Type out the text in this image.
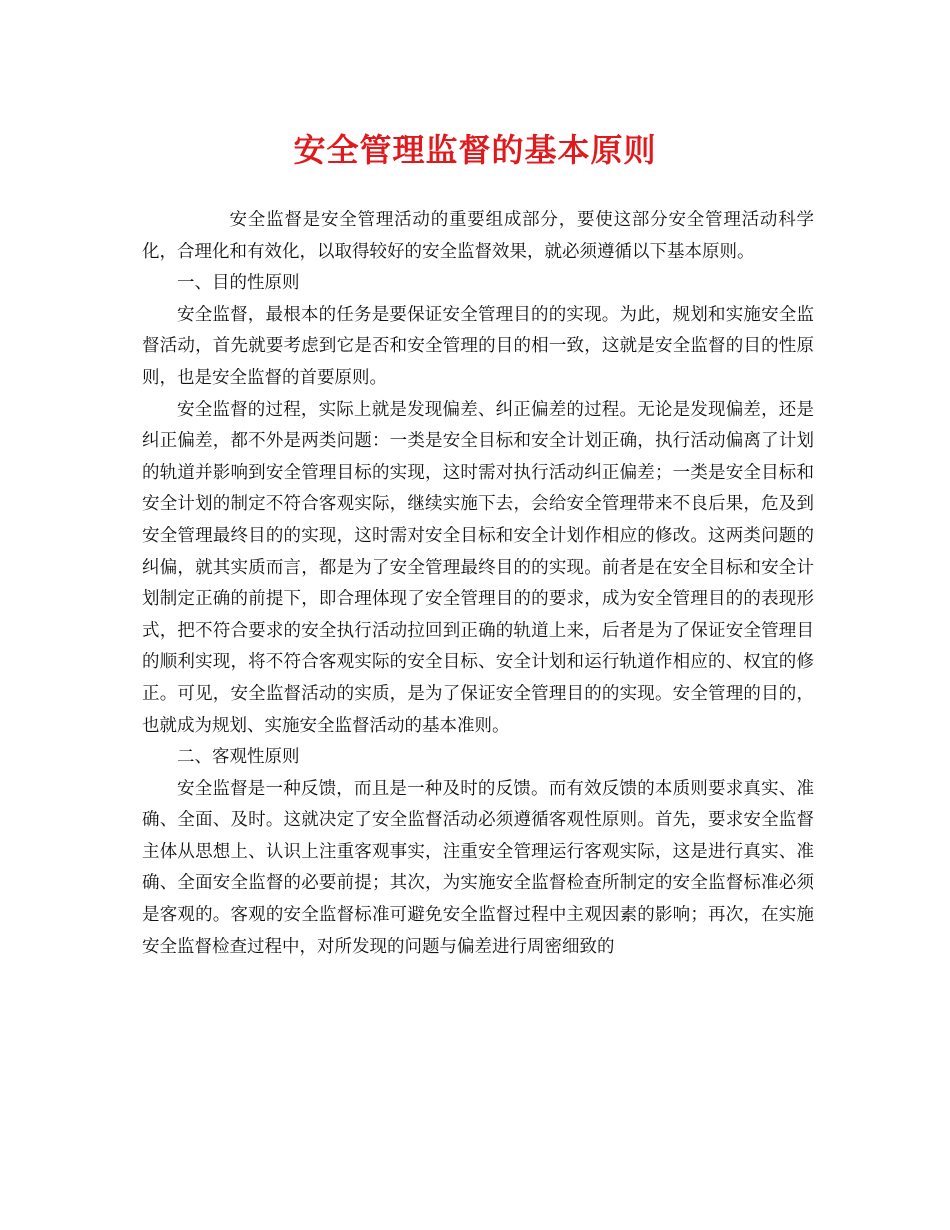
安全管理监督的基本原则

安全监督是安全管理活动的重要组成部分，要使这部分安全管理活动科学化，合理化和有效化，以取得较好的安全监督效果，就必须遵循以下基本原则。

一、目的性原则

安全监督，最根本的任务是要保证安全管理目的的实现。为此，规划和实施安全监督活动，首先就要考虑到它是否和安全管理的目的相一致，这就是安全监督的目的性原则，也是安全监督的首要原则。

安全监督的过程，实际上就是发现偏差、纠正偏差的过程。无论是发现偏差，还是纠正偏差，都不外是两类问题：一类是安全目标和安全计划正确，执行活动偏离了计划的轨道并影响到安全管理目标的实现，这时需对执行活动纠正偏差；一类是安全目标和安全计划的制定不符合客观实际，继续实施下去，会给安全管理带来不良后果，危及到安全管理最终目的的实现，这时需对安全目标和安全计划作相应的修改。这两类问题的纠偏，就其实质而言，都是为了安全管理最终目的的实现。前者是在安全目标和安全计划制定正确的前提下，即合理体现了安全管理目的的要求，成为安全管理目的的表现形式，把不符合要求的安全执行活动拉回到正确的轨道上来，后者是为了保证安全管理目的顺利实现，将不符合客观实际的安全目标、安全计划和运行轨道作相应的、权宜的修正。可见，安全监督活动的实质，是为了保证安全管理目的的实现。安全管理的目的，也就成为规划、实施安全监督活动的基本准则。

二、客观性原则

安全监督是一种反馈，而且是一种及时的反馈。而有效反馈的本质则要求真实、准确、全面、及时。这就决定了安全监督活动必须遵循客观性原则。首先，要求安全监督主体从思想上、认识上注重客观事实，注重安全管理运行客观实际，这是进行真实、准确、全面安全监督的必要前提；其次，为实施安全监督检查所制定的安全监督标准必须是客观的。客观的安全监督标准可避免安全监督过程中主观因素的影响；再次，在实施安全监督检查过程中，对所发现的问题与偏差进行周密细致的
